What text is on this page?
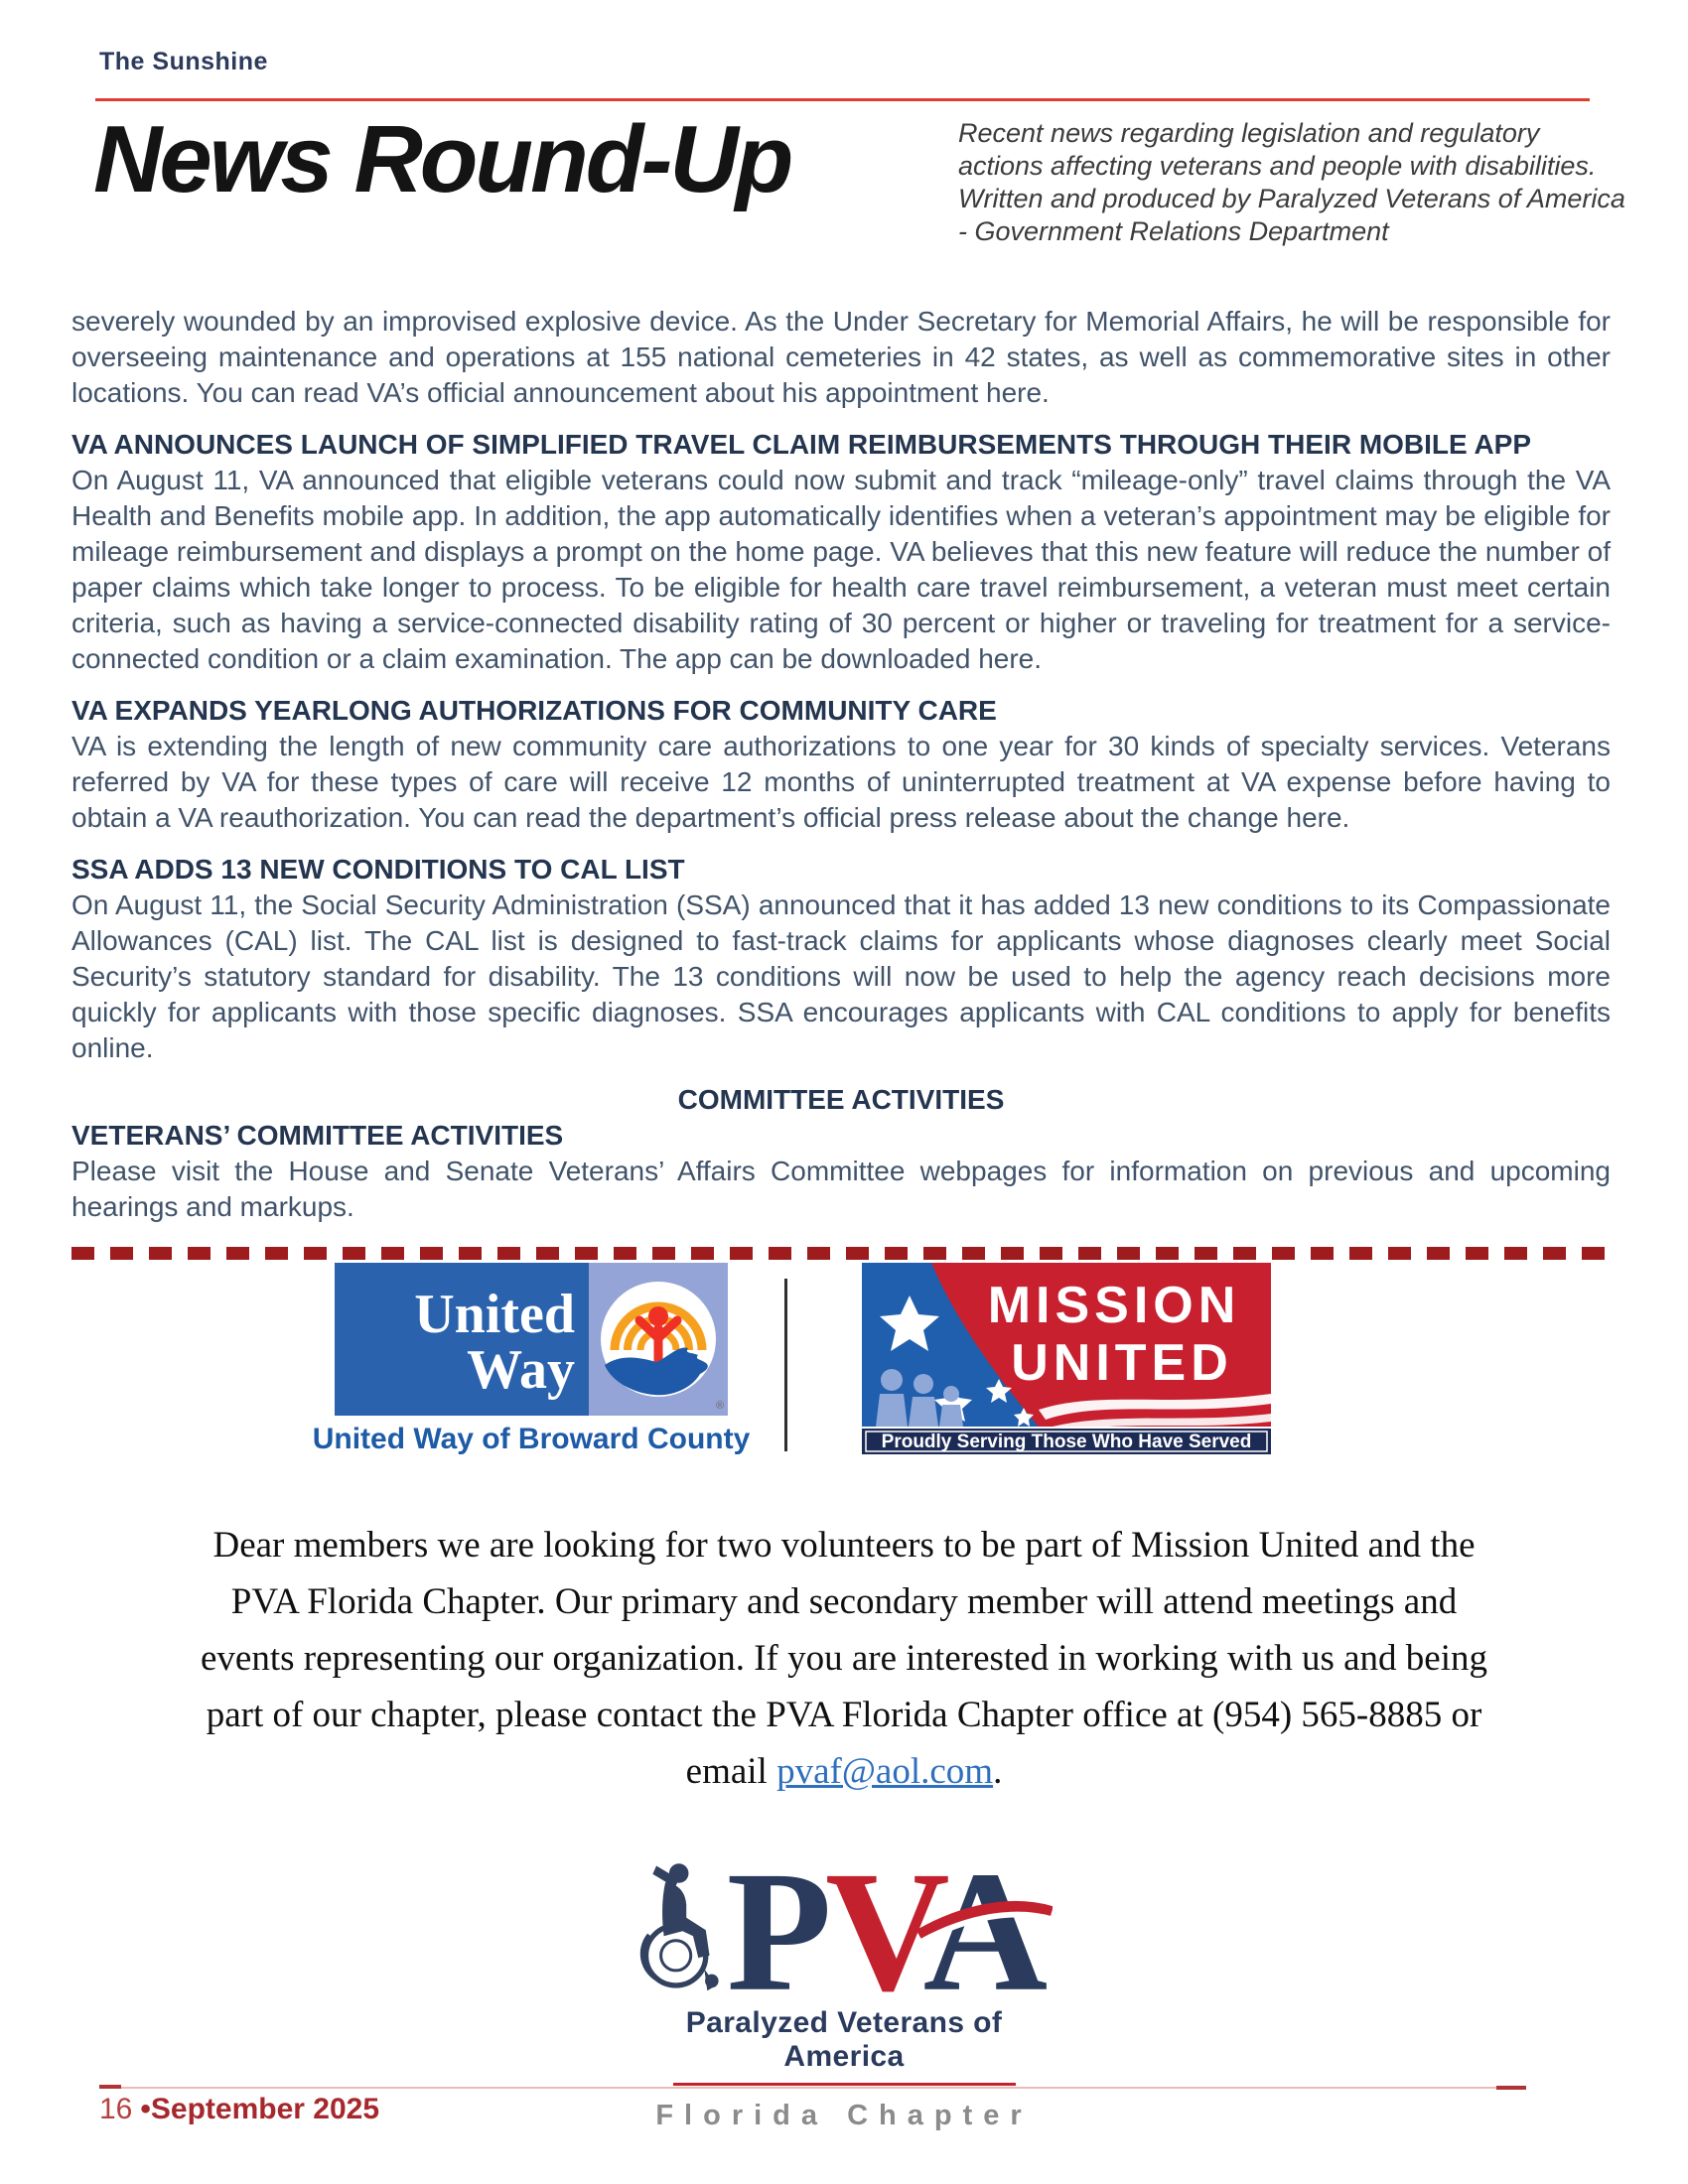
The Sunshine
News Round-Up	Recent news regarding legislation and regulatory actions affecting veterans and people with disabilities.
Written and produced by Paralyzed Veterans of America - Government Relations Department

severely wounded by an improvised explosive device. As the Under Secretary for Memorial Affairs, he will be responsible for overseeing maintenance and operations at 155 national cemeteries in 42 states, as well as commemorative sites in other locations. You can read VA’s official announcement about his appointment here.

VA ANNOUNCES LAUNCH OF SIMPLIFIED TRAVEL CLAIM REIMBURSEMENTS THROUGH THEIR MOBILE APP

On August 11, VA announced that eligible veterans could now submit and track “mileage-only” travel claims through the VA Health and Benefits mobile app. In addition, the app automatically identifies when a veteran’s appointment may be eligible for mileage reimbursement and displays a prompt on the home page. VA believes that this new feature will reduce the number of paper claims which take longer to process. To be eligible for health care travel reimbursement, a veteran must meet certain criteria, such as having a service-connected disability rating of 30 percent or higher or traveling for treatment for a service-connected condition or a claim examination. The app can be downloaded here.

VA EXPANDS YEARLONG AUTHORIZATIONS FOR COMMUNITY CARE

VA is extending the length of new community care authorizations to one year for 30 kinds of specialty services. Veterans referred by VA for these types of care will receive 12 months of uninterrupted treatment at VA expense before having to obtain a VA reauthorization. You can read the department’s official press release about the change here.

SSA ADDS 13 NEW CONDITIONS TO CAL LIST

On August 11, the Social Security Administration (SSA) announced that it has added 13 new conditions to its Compassionate Allowances (CAL) list. The CAL list is designed to fast-track claims for applicants whose diagnoses clearly meet Social Security’s statutory standard for disability. The 13 conditions will now be used to help the agency reach decisions more quickly for applicants with those specific diagnoses. SSA encourages applicants with CAL conditions to apply for benefits online.

COMMITTEE ACTIVITIES
VETERANS’ COMMITTEE ACTIVITIES

Please visit the House and Senate Veterans’ Affairs Committee webpages for information on previous and upcoming hearings and markups.

United
Way
®
United Way of Broward County
MISSION
UNITED
Proudly Serving Those Who Have Served
Dear members we are looking for two volunteers to be part of Mission United and the PVA Florida Chapter. Our primary and secondary member will attend meetings and events representing our organization. If you are interested in working with us and being part of our chapter, please contact the PVA Florida Chapter office at (954) 565-8885 or email pvaf@aol.com.
P
V
A
Paralyzed Veterans of America
Florida Chapter
16 •September 2025
